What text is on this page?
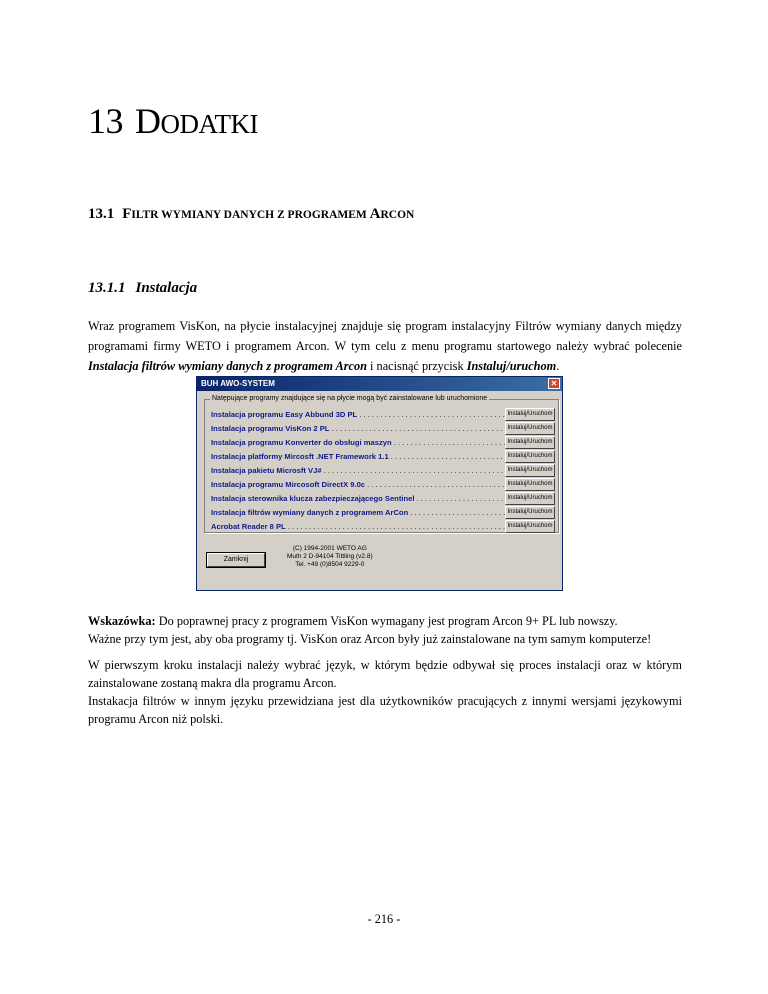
13 DODATKI
13.1 FILTR WYMIANY DANYCH Z PROGRAMEM ARCON
13.1.1 Instalacja

Wraz programem VisKon, na płycie instalacyjnej znajduje się program instalacyjny Filtrów wymiany danych między programami firmy WETO i programem Arcon. W tym celu z menu programu startowego należy wybrać polecenie Instalacja filtrów wymiany danych z programem Arcon i nacisnąć przycisk Instaluj/uruchom.

BUH AWO-SYSTEM	✕
Natępujące programy znajdujące się na płycie mogą być zainstalowane lub uruchomione
Instalacja programu Easy Abbund 3D PL . . .	Instaluj/Uruchom
Instalacja programu VisKon 2 PL . . .	Instaluj/Uruchom
Instalacja programu Konverter do obsługi maszyn . . .	Instaluj/Uruchom
Instalacja platformy Mircosft .NET Framework 1.1 . . .	Instaluj/Uruchom
Instalacja pakietu Microsft VJ# . . .	Instaluj/Uruchom
Instalacja programu Mircosoft DirectX 9.0c . . .	Instaluj/Uruchom
Instalacja sterownika klucza zabezpieczającego Sentinel . . .	Instaluj/Uruchom
Instalacja filtrów wymiany danych z programem ArCon . . .	Instaluj/Uruchom
Acrobat Reader 8 PL . . .	Instaluj/Uruchom
Zamknij
(C) 1994-2001 WETO AG
Muth 2 D-94104 Tittling (v2.8)
Tel. +49 (0)8504 9229-0

Wskazówka: Do poprawnej pracy z programem VisKon wymagany jest program Arcon 9+ PL lub nowszy.
Ważne przy tym jest, aby oba programy tj. VisKon oraz Arcon były już zainstalowane na tym samym komputerze!

W pierwszym kroku instalacji należy wybrać język, w którym będzie odbywał się proces instalacji oraz w którym zainstalowane zostaną makra dla programu Arcon.
Instakacja filtrów w innym języku przewidziana jest dla użytkowników pracujących z innymi wersjami językowymi programu Arcon niż polski.

- 216 -
